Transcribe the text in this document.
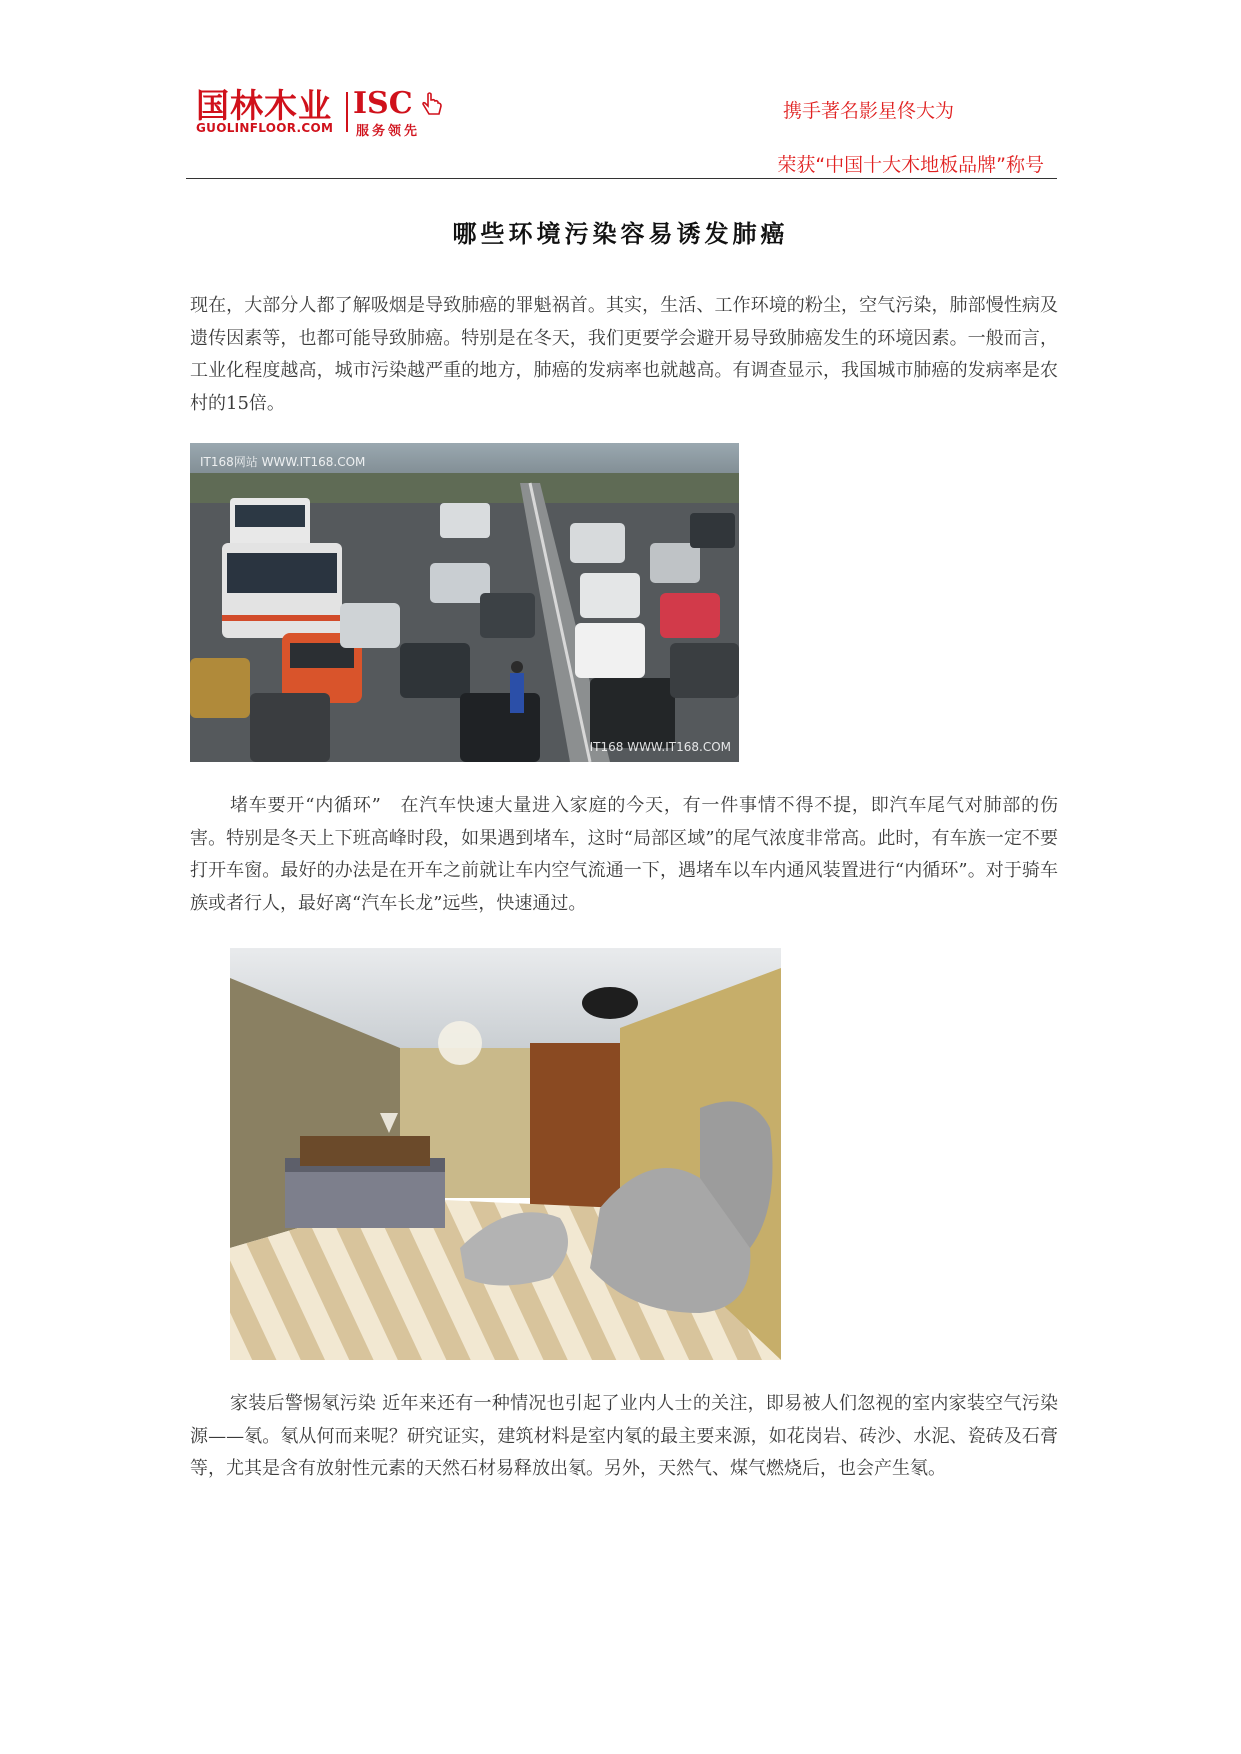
国林木业 ISC
GUOLINFLOOR.COM 服务领先
携手著名影星佟大为
荣获“中国十大木地板品牌”称号
哪些环境污染容易诱发肺癌

现在，大部分人都了解吸烟是导致肺癌的罪魁祸首。其实，生活、工作环境的粉尘，空气污染，肺部慢性病及遗传因素等，也都可能导致肺癌。特别是在冬天，我们更要学会避开易导致肺癌发生的环境因素。一般而言，工业化程度越高，城市污染越严重的地方，肺癌的发病率也就越高。有调查显示，我国城市肺癌的发病率是农村的15倍。

IT168网站 WWW.IT168.COM
IT168 WWW.IT168.COM

堵车要开“内循环”　在汽车快速大量进入家庭的今天，有一件事情不得不提，即汽车尾气对肺部的伤害。特别是冬天上下班高峰时段，如果遇到堵车，这时“局部区域”的尾气浓度非常高。此时，有车族一定不要打开车窗。最好的办法是在开车之前就让车内空气流通一下，遇堵车以车内通风装置进行“内循环”。对于骑车族或者行人，最好离“汽车长龙”远些，快速通过。

家装后警惕氡污染 近年来还有一种情况也引起了业内人士的关注，即易被人们忽视的室内家装空气污染源——氡。氡从何而来呢？研究证实，建筑材料是室内氡的最主要来源，如花岗岩、砖沙、水泥、瓷砖及石膏等，尤其是含有放射性元素的天然石材易释放出氡。另外，天然气、煤气燃烧后，也会产生氡。
